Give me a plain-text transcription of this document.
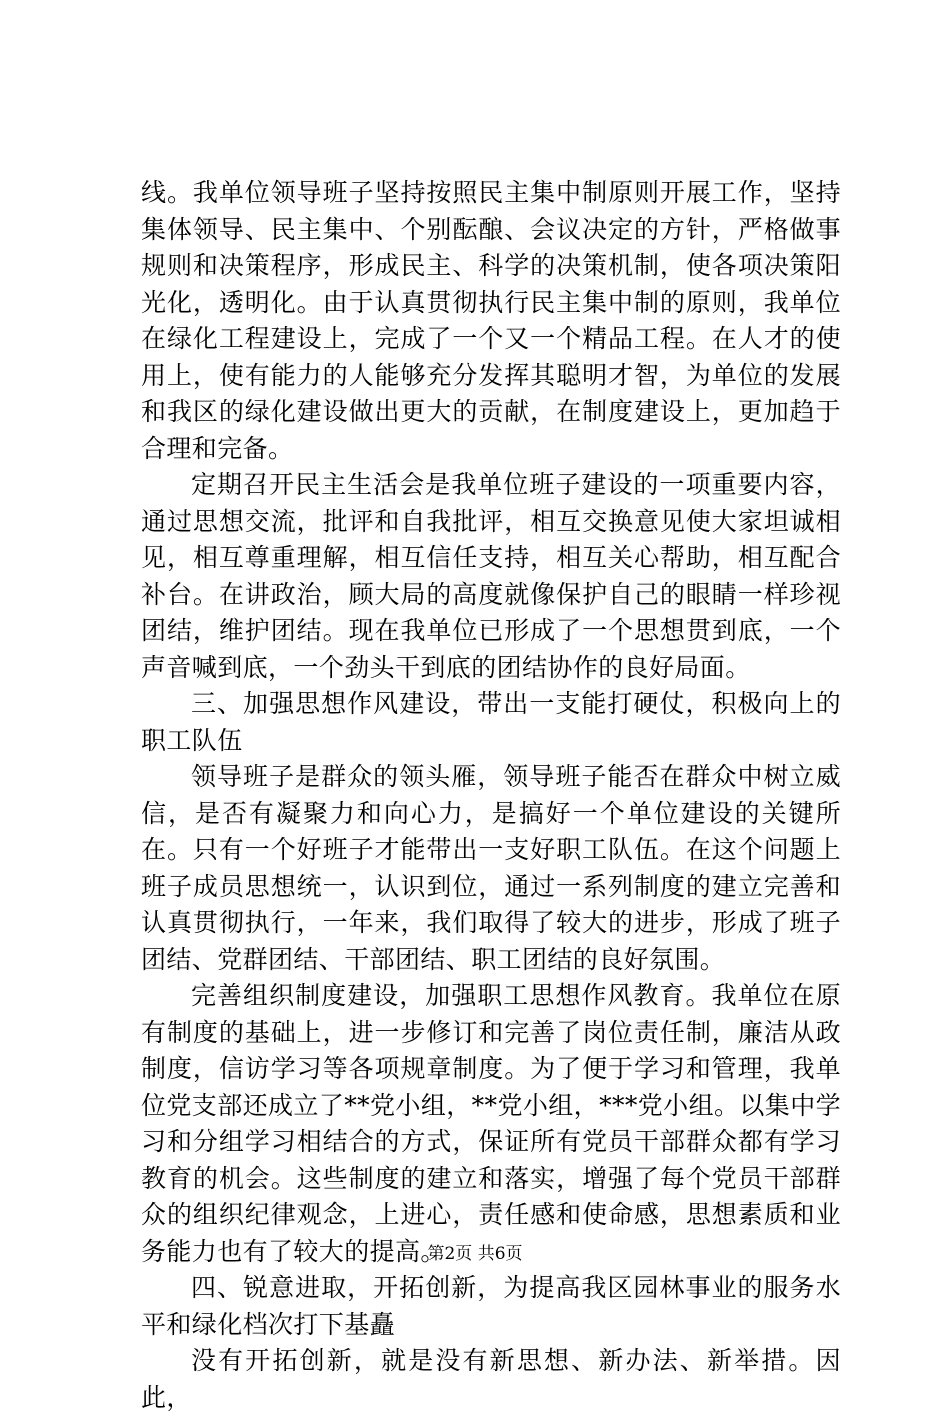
线。我单位领导班子坚持按照民主集中制原则开展工作，坚持集体领导、民主集中、个别酝酿、会议决定的方针，严格做事规则和决策程序，形成民主、科学的决策机制，使各项决策阳光化，透明化。由于认真贯彻执行民主集中制的原则，我单位在绿化工程建设上，完成了一个又一个精品工程。在人才的使用上，使有能力的人能够充分发挥其聪明才智，为单位的发展和我区的绿化建设做出更大的贡献，在制度建设上，更加趋于合理和完备。

定期召开民主生活会是我单位班子建设的一项重要内容，通过思想交流，批评和自我批评，相互交换意见使大家坦诚相见，相互尊重理解，相互信任支持，相互关心帮助，相互配合补台。在讲政治，顾大局的高度就像保护自己的眼睛一样珍视团结，维护团结。现在我单位已形成了一个思想贯到底，一个声音喊到底，一个劲头干到底的团结协作的良好局面。

三、加强思想作风建设，带出一支能打硬仗，积极向上的职工队伍

领导班子是群众的领头雁，领导班子能否在群众中树立威信，是否有凝聚力和向心力，是搞好一个单位建设的关键所在。只有一个好班子才能带出一支好职工队伍。在这个问题上班子成员思想统一，认识到位，通过一系列制度的建立完善和认真贯彻执行，一年来，我们取得了较大的进步，形成了班子团结、党群团结、干部团结、职工团结的良好氛围。

完善组织制度建设，加强职工思想作风教育。我单位在原有制度的基础上，进一步修订和完善了岗位责任制，廉洁从政制度，信访学习等各项规章制度。为了便于学习和管理，我单位党支部还成立了**党小组，**党小组，***党小组。以集中学习和分组学习相结合的方式，保证所有党员干部群众都有学习教育的机会。这些制度的建立和落实，增强了每个党员干部群众的组织纪律观念，上进心，责任感和使命感，思想素质和业务能力也有了较大的提高。

四、锐意进取，开拓创新，为提高我区园林事业的服务水平和绿化档次打下基矗

没有开拓创新，就是没有新思想、新办法、新举措。因此，

第2页 共6页
